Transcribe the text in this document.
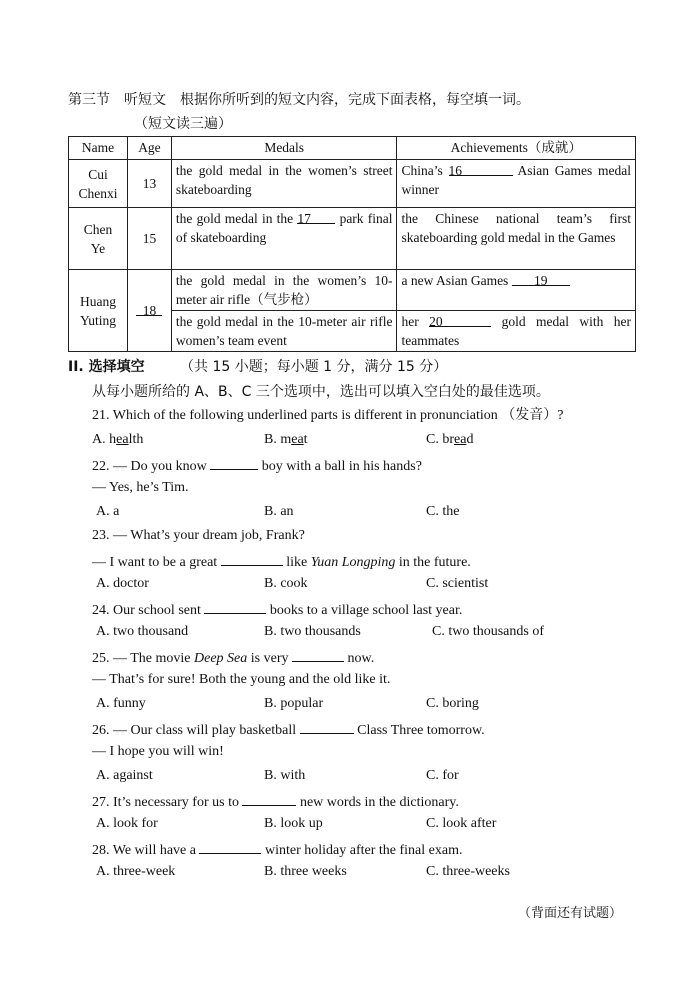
第三节　听短文　根据你所听到的短文内容，完成下面表格，每空填一词。
（短文读三遍）
Name	Age	Medals	Achievements（成就）
Cui
Chenxi	13	the gold medal in the women’s street skateboarding	China’s 16 Asian Games medal winner
Chen
Ye	15	the gold medal in the 17 park final of skateboarding	the Chinese national team’s first skateboarding gold medal in the Games
Huang
Yuting	18	the gold medal in the women’s 10-meter air rifle（气步枪）	a new Asian Games 19
		the gold medal in the 10-meter air rifle women’s team event	her 20 gold medal with her teammates
II. 选择填空	（共 15 小题；每小题 1 分，满分 15 分）
从每小题所给的 A、B、C 三个选项中，选出可以填入空白处的最佳选项。
21. Which of the following underlined parts is different in pronunciation （发音）?
A. health	B. meat	C. bread
22. — Do you know	boy with a ball in his hands?
— Yes, he’s Tim.
A. a	B. an	C. the
23. — What’s your dream job, Frank?
— I want to be a great	like Yuan Longping in the future.
A. doctor	B. cook	C. scientist
24. Our school sent	books to a village school last year.
A. two thousand	B. two thousands	C. two thousands of
25. — The movie Deep Sea is very	now.
— That’s for sure! Both the young and the old like it.
A. funny	B. popular	C. boring
26. — Our class will play basketball	Class Three tomorrow.
— I hope you will win!
A. against	B. with	C. for
27. It’s necessary for us to	new words in the dictionary.
A. look for	B. look up	C. look after
28. We will have a	winter holiday after the final exam.
A. three-week	B. three weeks	C. three-weeks
（背面还有试题）
